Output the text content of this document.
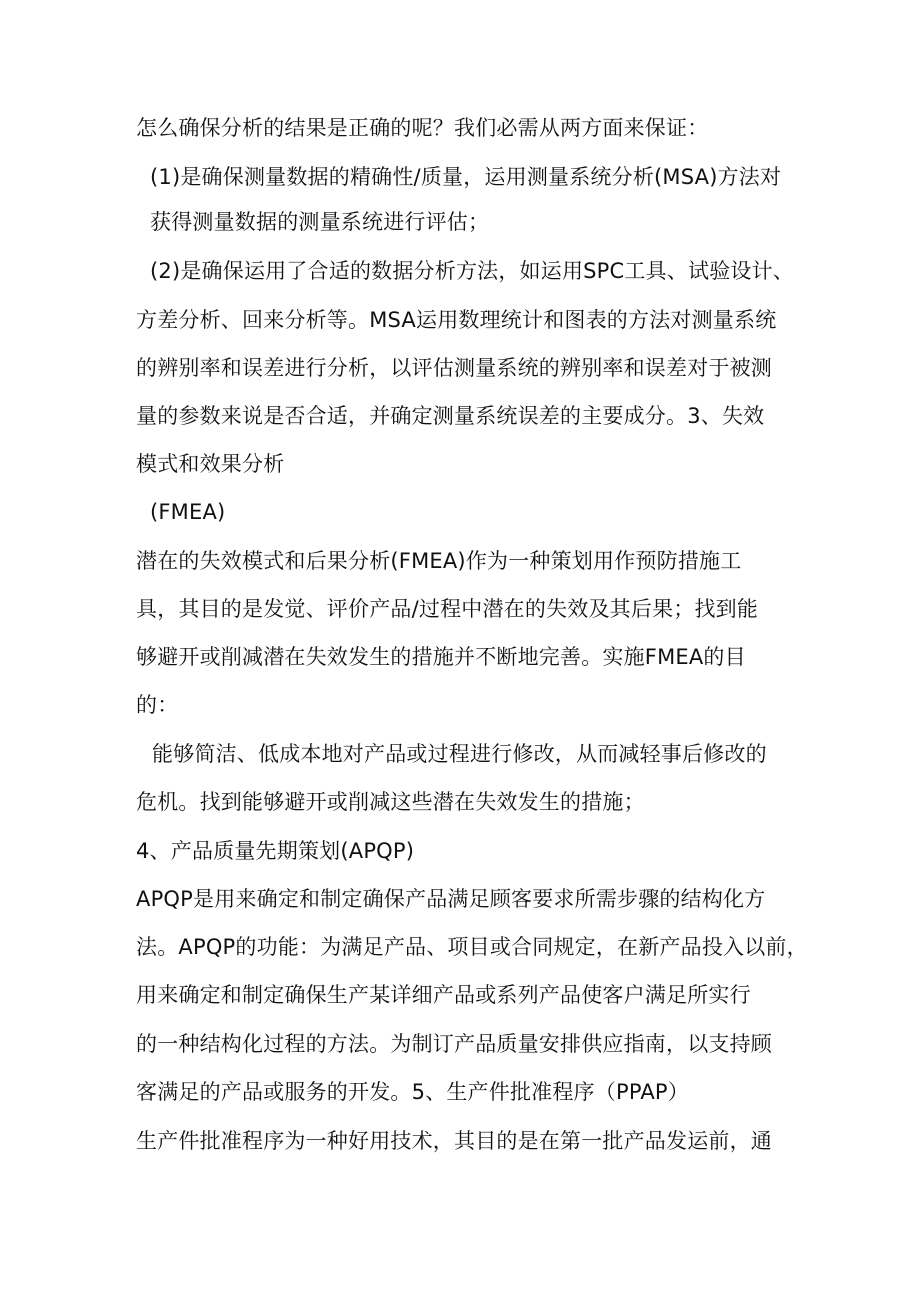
怎么确保分析的结果是正确的呢？我们必需从两方面来保证：
(1)是确保测量数据的精确性/质量，运用测量系统分析(MSA)方法对
获得测量数据的测量系统进行评估；
(2)是确保运用了合适的数据分析方法，如运用SPC工具、试验设计、
方差分析、回来分析等。MSA运用数理统计和图表的方法对测量系统
的辨别率和误差进行分析，以评估测量系统的辨别率和误差对于被测
量的参数来说是否合适，并确定测量系统误差的主要成分。3、失效
模式和效果分析
(FMEA)
潜在的失效模式和后果分析(FMEA)作为一种策划用作预防措施工
具，其目的是发觉、评价产品/过程中潜在的失效及其后果；找到能
够避开或削减潜在失效发生的措施并不断地完善。实施FMEA的目
的：
能够简洁、低成本地对产品或过程进行修改，从而减轻事后修改的
危机。找到能够避开或削减这些潜在失效发生的措施；
4、产品质量先期策划(APQP)
APQP是用来确定和制定确保产品满足顾客要求所需步骤的结构化方
法。APQP的功能：为满足产品、项目或合同规定，在新产品投入以前，
用来确定和制定确保生产某详细产品或系列产品使客户满足所实行
的一种结构化过程的方法。为制订产品质量安排供应指南，以支持顾
客满足的产品或服务的开发。5、生产件批准程序（PPAP）
生产件批准程序为一种好用技术，其目的是在第一批产品发运前，通
